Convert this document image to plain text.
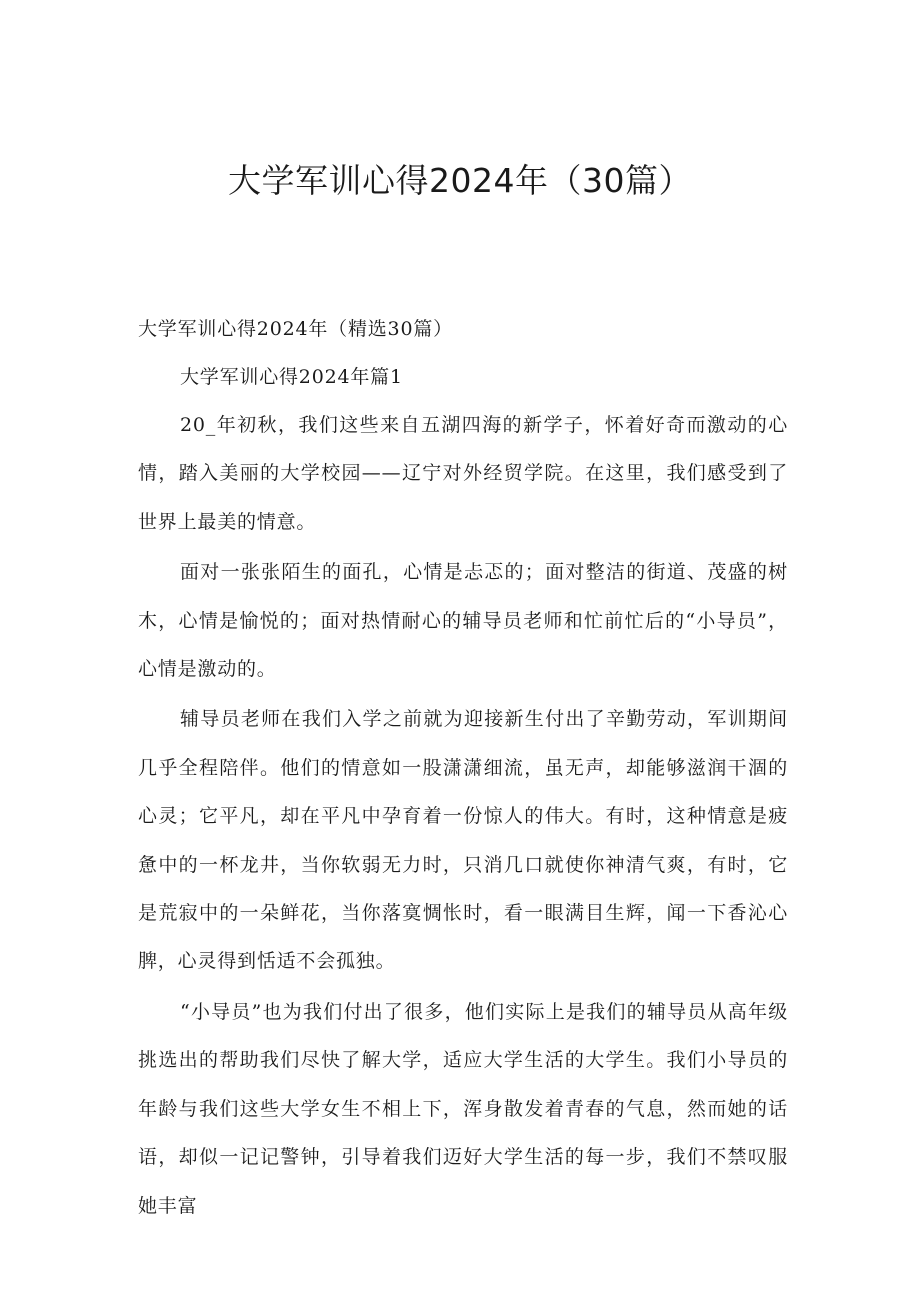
大学军训心得2024年（30篇）

大学军训心得2024年（精选30篇）

大学军训心得2024年篇1

20_年初秋，我们这些来自五湖四海的新学子，怀着好奇而激动的心情，踏入美丽的大学校园——辽宁对外经贸学院。在这里，我们感受到了世界上最美的情意。

面对一张张陌生的面孔，心情是忐忑的；面对整洁的街道、茂盛的树木，心情是愉悦的；面对热情耐心的辅导员老师和忙前忙后的“小导员”，心情是激动的。

辅导员老师在我们入学之前就为迎接新生付出了辛勤劳动，军训期间几乎全程陪伴。他们的情意如一股潇潇细流，虽无声，却能够滋润干涸的心灵；它平凡，却在平凡中孕育着一份惊人的伟大。有时，这种情意是疲惫中的一杯龙井，当你软弱无力时，只消几口就使你神清气爽，有时，它是荒寂中的一朵鲜花，当你落寞惆怅时，看一眼满目生辉，闻一下香沁心脾，心灵得到恬适不会孤独。

“小导员”也为我们付出了很多，他们实际上是我们的辅导员从高年级挑选出的帮助我们尽快了解大学，适应大学生活的大学生。我们小导员的年龄与我们这些大学女生不相上下，浑身散发着青春的气息，然而她的话语，却似一记记警钟，引导着我们迈好大学生活的每一步，我们不禁叹服她丰富
